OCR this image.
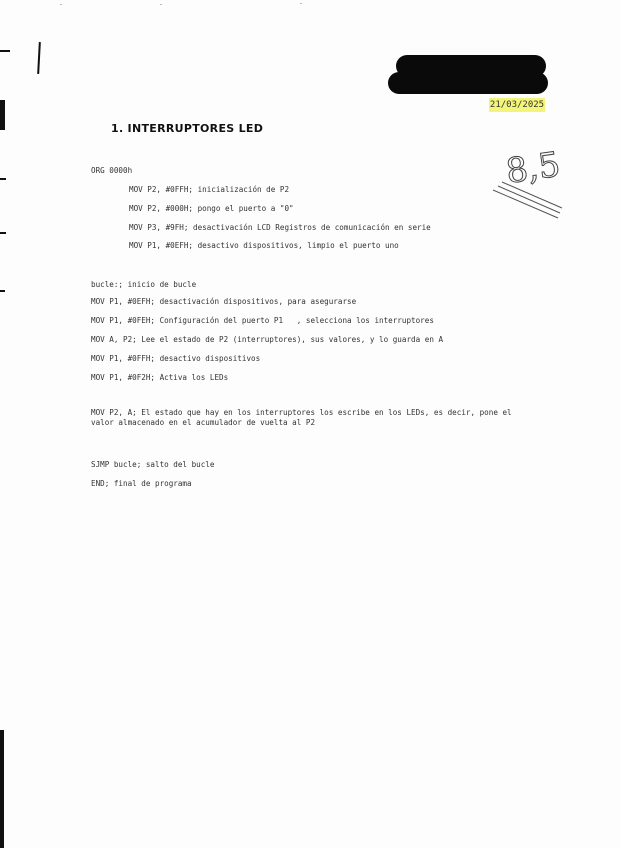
21/03/2025
8,5
1. INTERRUPTORES LED
ORG 0000h
MOV P2, #0FFH; inicialización de P2
MOV P2, #000H; pongo el puerto a "0"
MOV P3, #9FH; desactivación LCD Registros de comunicación en serie
MOV P1, #0EFH; desactivo dispositivos, limpio el puerto uno
bucle:; inicio de bucle
MOV P1, #0EFH; desactivación dispositivos, para asegurarse
MOV P1, #0FEH; Configuración del puerto P1   , selecciona los interruptores
MOV A, P2; Lee el estado de P2 (interruptores), sus valores, y lo guarda en A
MOV P1, #0FFH; desactivo dispositivos
MOV P1, #0F2H; Activa los LEDs
MOV P2, A; El estado que hay en los interruptores los escribe en los LEDs, es decir, pone el valor almacenado en el acumulador de vuelta al P2
SJMP bucle; salto del bucle
END; final de programa
